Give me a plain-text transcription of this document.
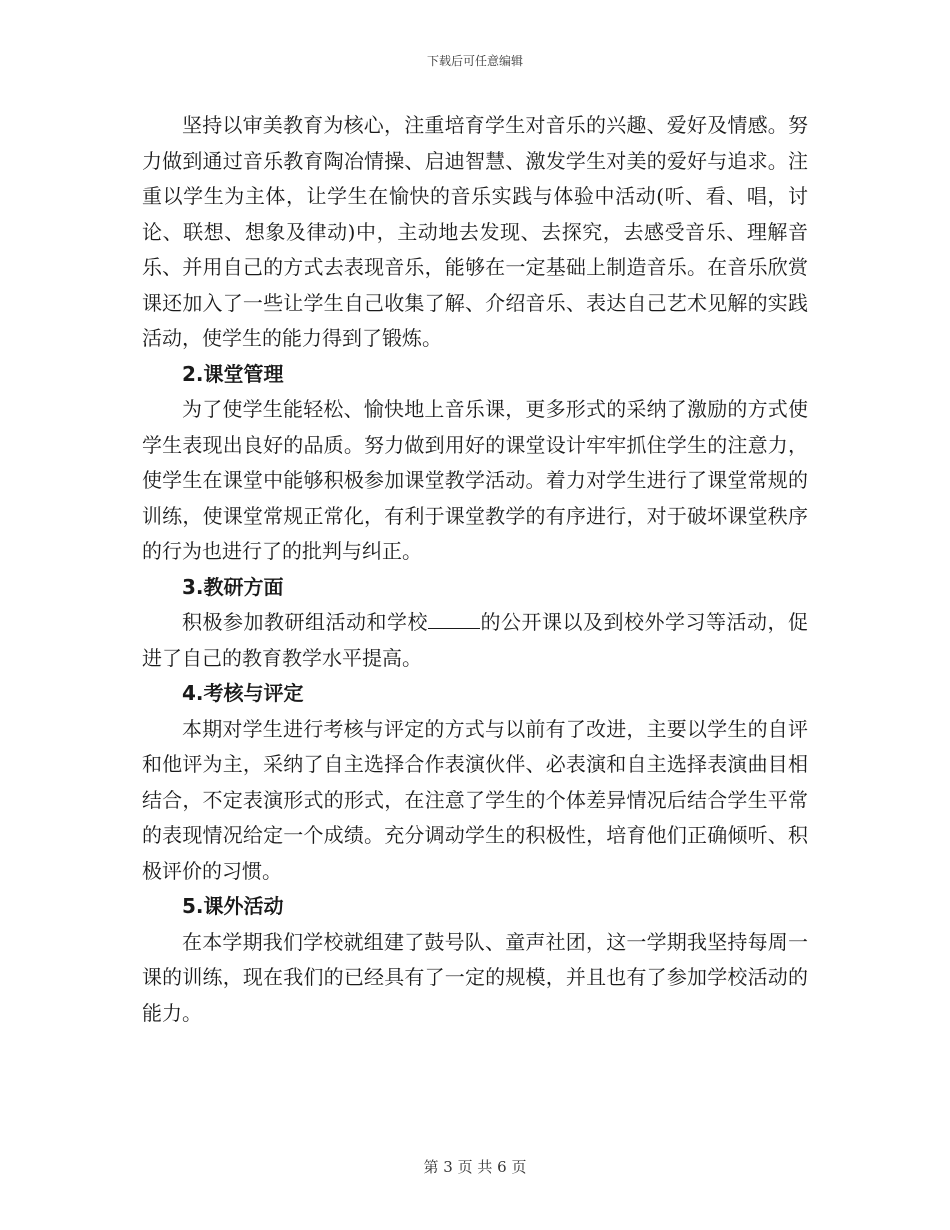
下载后可任意编辑

坚持以审美教育为核心，注重培育学生对音乐的兴趣、爱好及情感。努力做到通过音乐教育陶冶情操、启迪智慧、激发学生对美的爱好与追求。注重以学生为主体，让学生在愉快的音乐实践与体验中活动(听、看、唱，讨论、联想、想象及律动)中，主动地去发现、去探究，去感受音乐、理解音乐、并用自己的方式去表现音乐，能够在一定基础上制造音乐。在音乐欣赏课还加入了一些让学生自己收集了解、介绍音乐、表达自己艺术见解的实践活动，使学生的能力得到了锻炼。

2.课堂管理

为了使学生能轻松、愉快地上音乐课，更多形式的采纳了激励的方式使学生表现出良好的品质。努力做到用好的课堂设计牢牢抓住学生的注意力，使学生在课堂中能够积极参加课堂教学活动。着力对学生进行了课堂常规的训练，使课堂常规正常化，有利于课堂教学的有序进行，对于破坏课堂秩序的行为也进行了的批判与纠正。

3.教研方面

积极参加教研组活动和学校	的公开课以及到校外学习等活动，促进了自己的教育教学水平提高。

4.考核与评定

本期对学生进行考核与评定的方式与以前有了改进，主要以学生的自评和他评为主，采纳了自主选择合作表演伙伴、必表演和自主选择表演曲目相结合，不定表演形式的形式，在注意了学生的个体差异情况后结合学生平常的表现情况给定一个成绩。充分调动学生的积极性，培育他们正确倾听、积极评价的习惯。

5.课外活动

在本学期我们学校就组建了鼓号队、童声社团，这一学期我坚持每周一课的训练，现在我们的已经具有了一定的规模，并且也有了参加学校活动的能力。

第 3 页 共 6 页
